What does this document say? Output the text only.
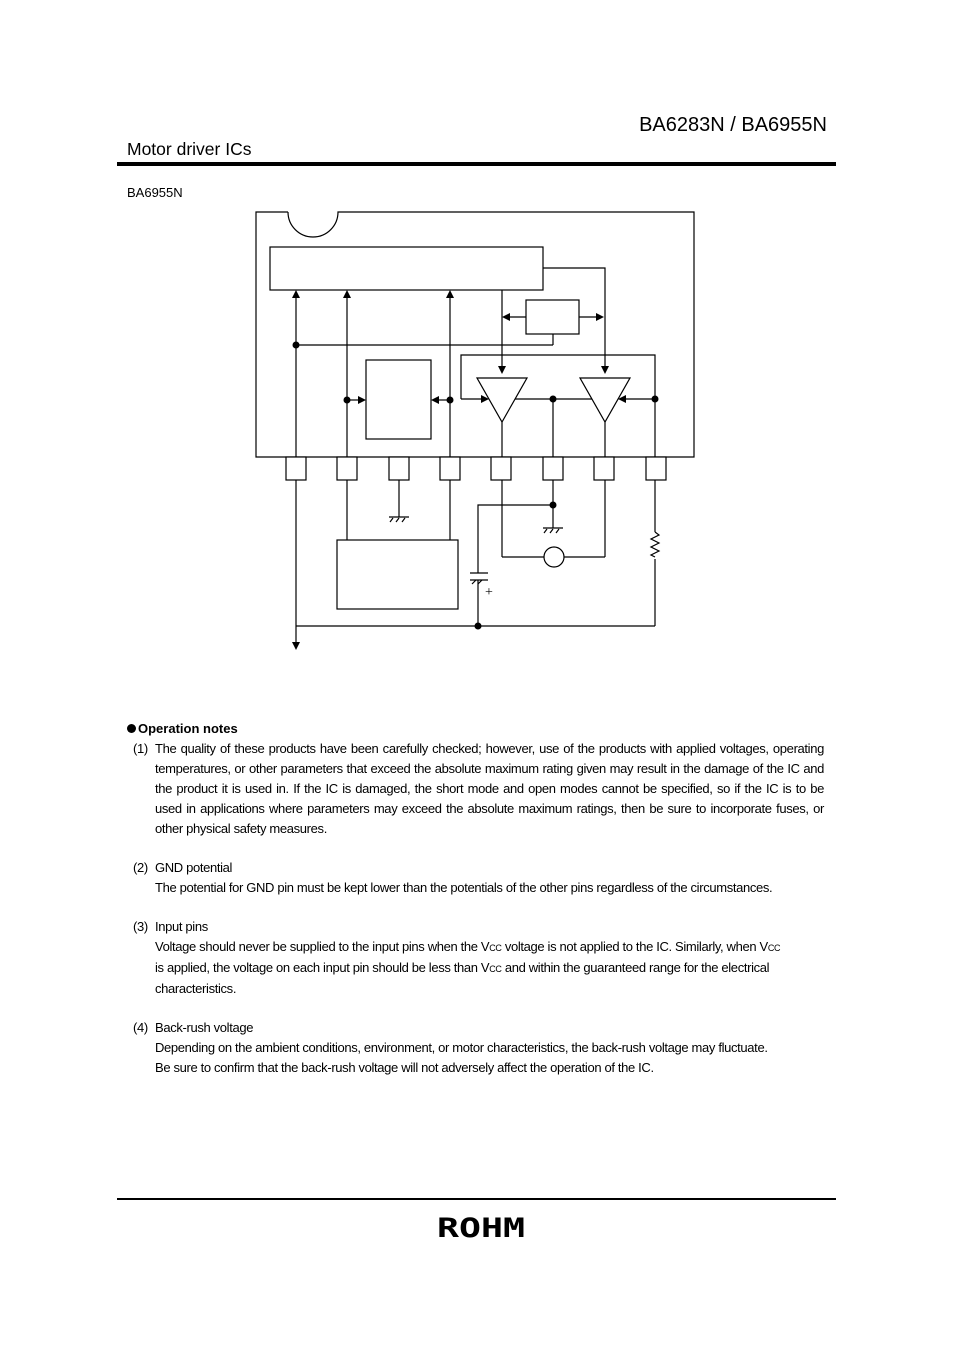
BA6283N / BA6955N
Motor driver ICs
BA6955N
+
Operation notes
(1) The quality of these products have been carefully checked; however, use of the products with applied voltages, operating temperatures, or other parameters that exceed the absolute maximum rating given may result in the damage of the IC and the product it is used in. If the IC is damaged, the short mode and open modes cannot be specified, so if the IC is to be used in applications where parameters may exceed the absolute maximum ratings, then be sure to incorporate fuses, or other physical safety measures.
(2) GND potential
The potential for GND pin must be kept lower than the potentials of the other pins regardless of the circumstances.
(3) Input pins
Voltage should never be supplied to the input pins when the VCC voltage is not applied to the IC. Similarly, when VCC
is applied, the voltage on each input pin should be less than VCC and within the guaranteed range for the electrical characteristics.
(4) Back-rush voltage
Depending on the ambient conditions, environment, or motor characteristics, the back-rush voltage may fluctuate.
Be sure to confirm that the back-rush voltage will not adversely affect the operation of the IC.
ROHM
